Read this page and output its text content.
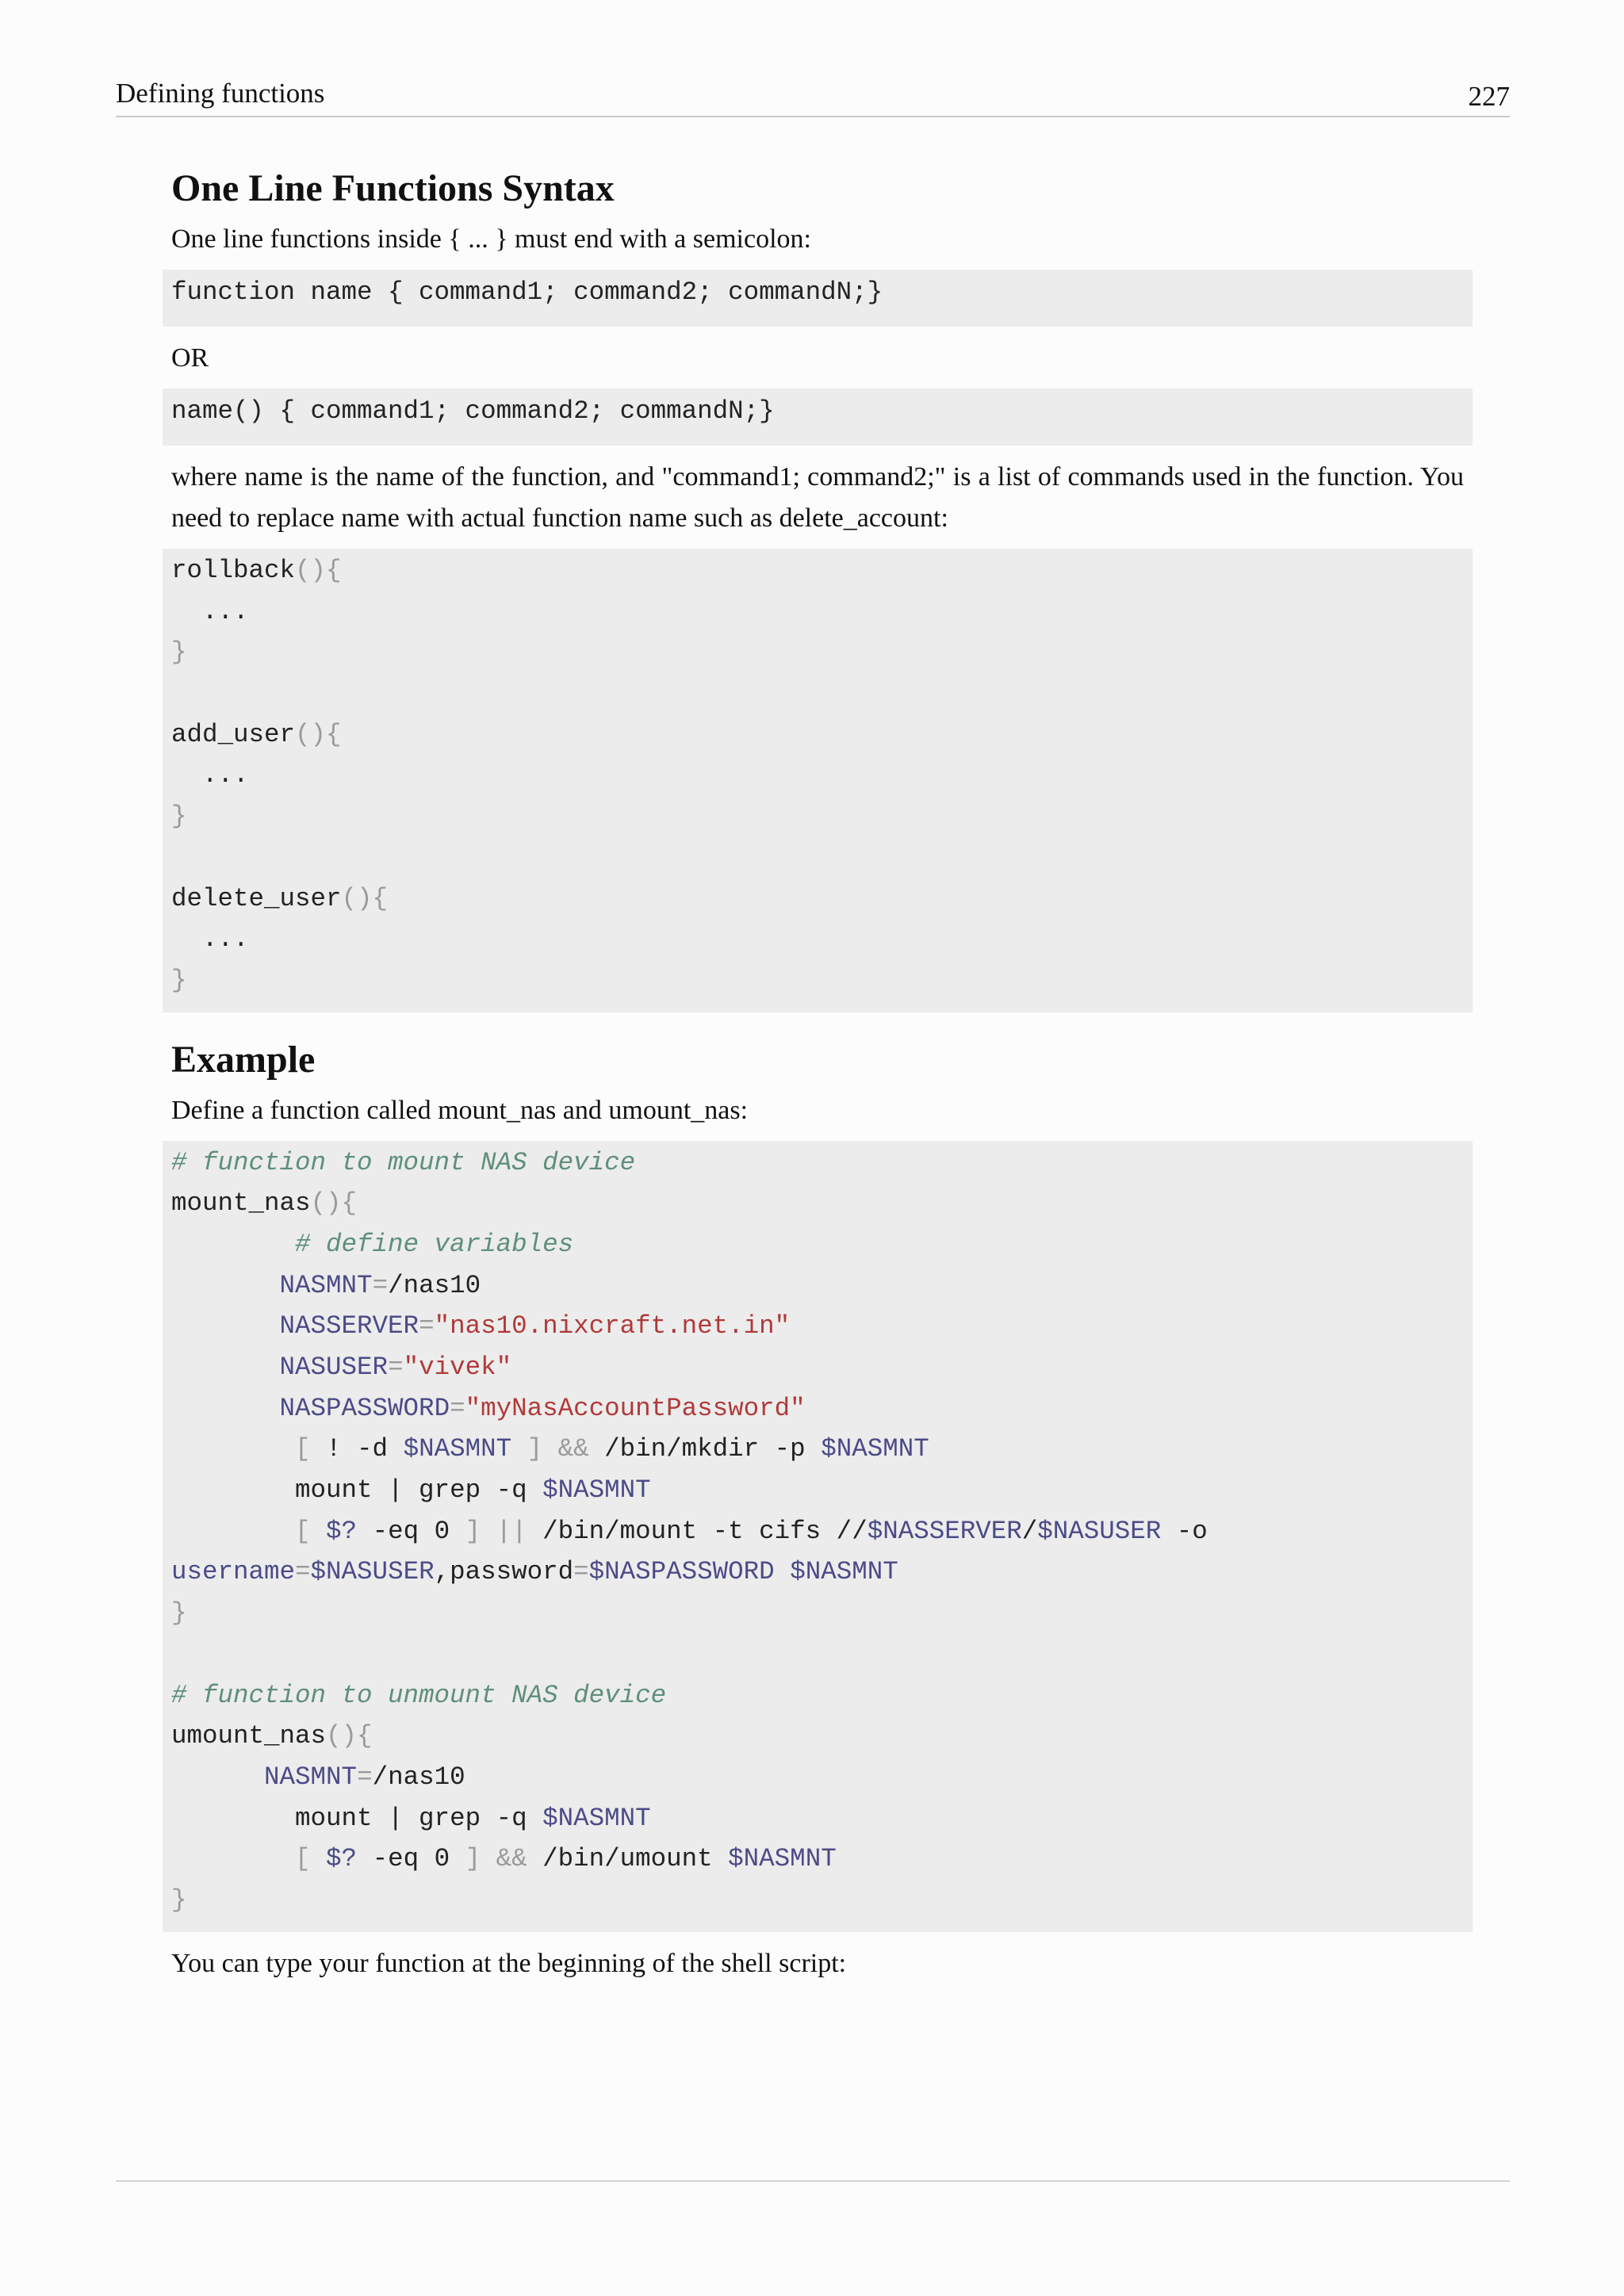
Defining functions	227
One Line Functions Syntax

One line functions inside { ... } must end with a semicolon:

function name { command1; command2; commandN;}

OR

name() { command1; command2; commandN;}

where name is the name of the function, and "command1; command2;" is a list of commands used in the function. You need to replace name with actual function name such as delete_account:

rollback(){
...
}
add_user(){
...
}
delete_user(){
...
}
Example

Define a function called mount_nas and umount_nas:

# function to mount NAS device
mount_nas(){
# define variables
NASMNT=/nas10
NASSERVER="nas10.nixcraft.net.in"
NASUSER="vivek"
NASPASSWORD="myNasAccountPassword"
[ ! -d $NASMNT ] && /bin/mkdir -p $NASMNT
mount | grep -q $NASMNT
[ $? -eq 0 ] || /bin/mount -t cifs //$NASSERVER/$NASUSER -o
username=$NASUSER,password=$NASPASSWORD $NASMNT
}
# function to unmount NAS device
umount_nas(){
NASMNT=/nas10
mount | grep -q $NASMNT
[ $? -eq 0 ] && /bin/umount $NASMNT
}

You can type your function at the beginning of the shell script:
